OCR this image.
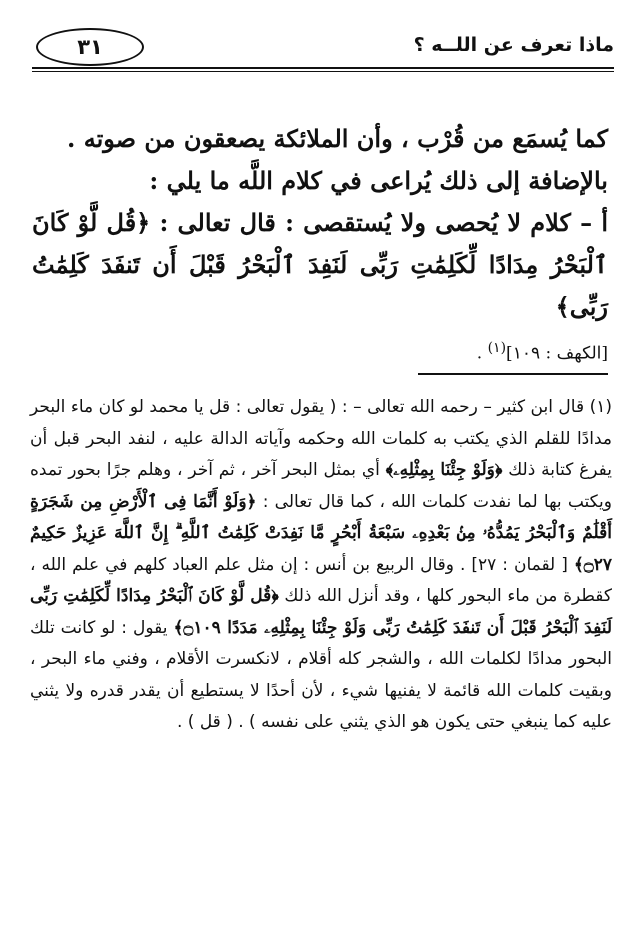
ماذا تعرف عن اللــه ؟
٣١

كما يُسمَع من قُرْب ، وأن الملائكة يصعقون من صوته .

بالإضافة إلى ذلك يُراعى في كلام اللَّه ما يلي :

أ – كلام لا يُحصى ولا يُستقصى : قال تعالى : ﴿قُل لَّوْ كَانَ ٱلْبَحْرُ مِدَادًا لِّكَلِمَٰتِ رَبِّى لَنَفِدَ ٱلْبَحْرُ قَبْلَ أَن تَنفَدَ كَلِمَٰتُ رَبِّى﴾

[الكهف : ١٠٩]$^{(١)}$ .

(١) قال ابن كثير – رحمه الله تعالى – : ( يقول تعالى : قل يا محمد لو كان ماء البحر مدادًا للقلم الذي يكتب به كلمات الله وحكمه وآياته الدالة عليه ، لنفد البحر قبل أن يفرغ كتابة ذلك ﴿وَلَوْ جِئْنَا بِمِثْلِهِۦ﴾ أي بمثل البحر آخر ، ثم آخر ، وهلم جرًا بحور تمده ويكتب بها لما نفدت كلمات الله ، كما قال تعالى : ﴿وَلَوْ أَنَّمَا فِى ٱلْأَرْضِ مِن شَجَرَةٍ أَقْلَٰمٌ وَٱلْبَحْرُ يَمُدُّهُۥ مِنۢ بَعْدِهِۦ سَبْعَةُ أَبْحُرٍ مَّا نَفِدَتْ كَلِمَٰتُ ٱللَّهِ ۗ إِنَّ ٱللَّهَ عَزِيزٌ حَكِيمٌ ۝٢٧﴾ [ لقمان : ٢٧] . وقال الربيع بن أنس : إن مثل علم العباد كلهم في علم الله ، كقطرة من ماء البحور كلها ، وقد أنزل الله ذلك ﴿قُل لَّوْ كَانَ ٱلْبَحْرُ مِدَادًا لِّكَلِمَٰتِ رَبِّى لَنَفِدَ ٱلْبَحْرُ قَبْلَ أَن تَنفَدَ كَلِمَٰتُ رَبِّى وَلَوْ جِئْنَا بِمِثْلِهِۦ مَدَدًا ۝١٠٩﴾ يقول : لو كانت تلك البحور مدادًا لكلمات الله ، والشجر كله أقلام ، لانكسرت الأقلام ، وفني ماء البحر ، وبقيت كلمات الله قائمة لا يفنيها شيء ، لأن أحدًا لا يستطيع أن يقدر قدره ولا يثني عليه كما ينبغي حتى يكون هو الذي يثني على نفسه ) . ( قل ) .
